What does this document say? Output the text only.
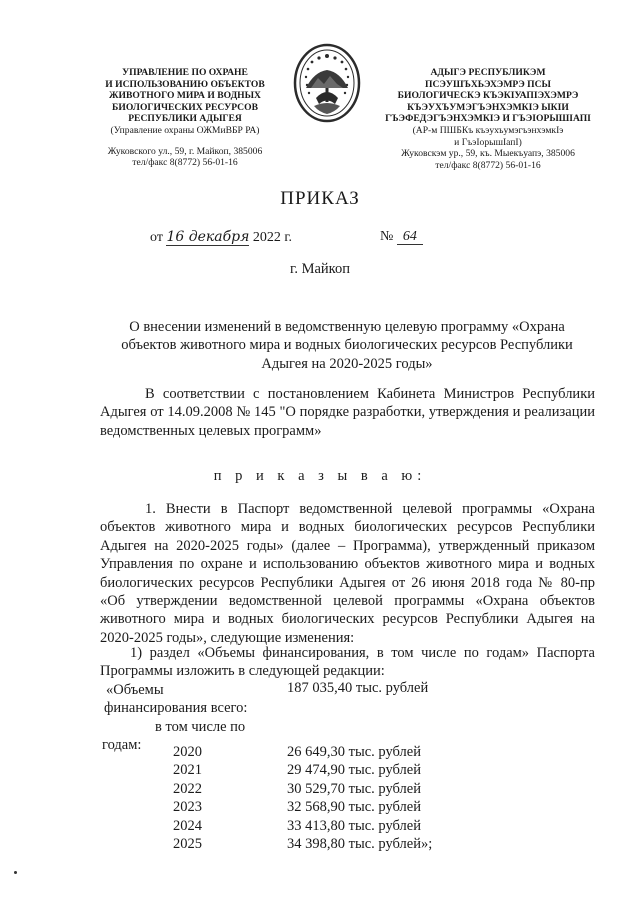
УПРАВЛЕНИЕ ПО ОХРАНЕ
И ИСПОЛЬЗОВАНИЮ ОБЪЕКТОВ
ЖИВОТНОГО МИРА И ВОДНЫХ
БИОЛОГИЧЕСКИХ РЕСУРСОВ
РЕСПУБЛИКИ АДЫГЕЯ
(Управление охраны ОЖМиВБР РА)
Жуковского ул., 59, г. Майкоп, 385006
тел/факс 8(8772) 56-01-16
АДЫГЭ РЕСПУБЛИКЭМ
ПСЭУШЪХЬЭХЭМРЭ ПСЫ
БИОЛОГИЧЕСКЭ КЪЭКIУАПIЭХЭМРЭ
КЪЭУХЪУМЭГЪЭНХЭМКIЭ ЫКIИ
ГЪЭФЕДЭГЪЭНХЭМКIЭ И ГЪЭIОРЫШIАПI
(АР-м ПШБКъ къэухъумэгъэнхэмкIэ
и ГъэIорышIапI)
Жуковскэм ур., 59, къ. Мыекъуапэ, 385006
тел/факс 8(8772) 56-01-16
ПРИКАЗ
от 16 декабря 2022 г.	№ 64
г. Майкоп
О внесении изменений в ведомственную целевую программу «Охрана объектов животного мира и водных биологических ресурсов Республики Адыгея на 2020-2025 годы»
В соответствии с постановлением Кабинета Министров Республики Адыгея от 14.09.2008 № 145 "О порядке разработки, утверждения и реализации ведомственных целевых программ»
п р и к а з ы в а ю:
1. Внести в Паспорт ведомственной целевой программы «Охрана объектов животного мира и водных биологических ресурсов Республики Адыгея на 2020-2025 годы» (далее – Программа), утвержденный приказом Управления по охране и использованию объектов животного мира и водных биологических ресурсов Республики Адыгея от 26 июня 2018 года № 80-пр «Об утверждении ведомственной целевой программы «Охрана объектов животного мира и водных биологических ресурсов Республики Адыгея на 2020-2025 годы», следующие изменения:
1) раздел «Объемы финансирования, в том числе по годам» Паспорта Программы изложить в следующей редакции:
«Объемы
финансирования всего:
в том числе по
годам:
187 035,40 тыс. рублей
2020	26 649,30 тыс. рублей
2021	29 474,90 тыс. рублей
2022	30 529,70 тыс. рублей
2023	32 568,90 тыс. рублей
2024	33 413,80 тыс. рублей
2025	34 398,80 тыс. рублей»;
